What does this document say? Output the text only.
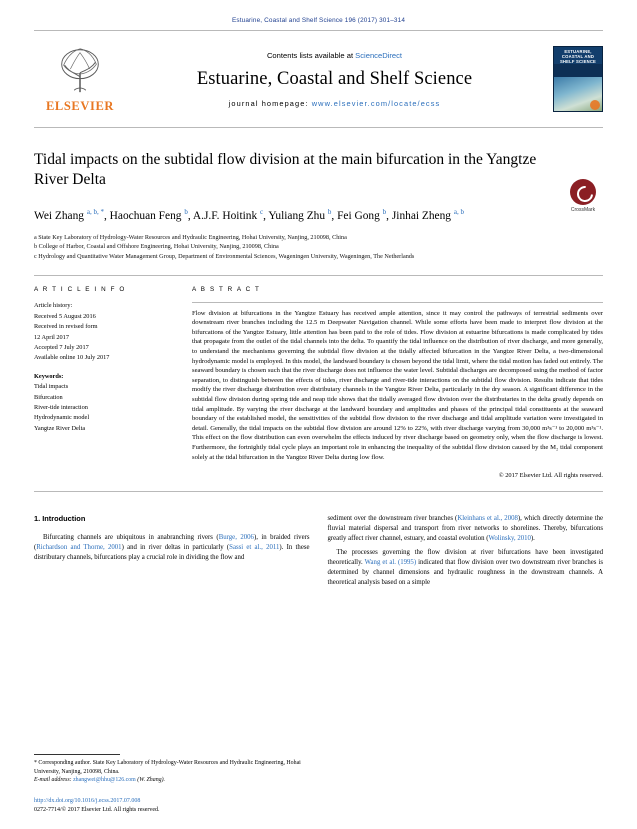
Estuarine, Coastal and Shelf Science 196 (2017) 301–314
ELSEVIER
Contents lists available at ScienceDirect
Estuarine, Coastal and Shelf Science
journal homepage: www.elsevier.com/locate/ecss
ESTUARINE, COASTAL AND SHELF SCIENCE
Tidal impacts on the subtidal flow division at the main bifurcation in the Yangtze River Delta
CrossMark
Wei Zhang $^{a, b, *}$, Haochuan Feng $^b$, A.J.F. Hoitink $^c$, Yuliang Zhu $^b$, Fei Gong $^b$, Jinhai Zheng $^{a, b}$
a State Key Laboratory of Hydrology-Water Resources and Hydraulic Engineering, Hohai University, Nanjing, 210098, China
b College of Harbor, Coastal and Offshore Engineering, Hohai University, Nanjing, 210098, China
c Hydrology and Quantitative Water Management Group, Department of Environmental Sciences, Wageningen University, Wageningen, The Netherlands
A R T I C L E I N F O

Article history:

Received 5 August 2016

Received in revised form

12 April 2017

Accepted 7 July 2017

Available online 10 July 2017

Keywords:

Tidal impacts

Bifurcation

River-tide interaction

Hydrodynamic model

Yangtze River Delta

A B S T R A C T

Flow division at bifurcations in the Yangtze Estuary has received ample attention, since it may control the pathways of terrestrial sediments over downstream river branches including the 12.5 m Deepwater Navigation channel. While some efforts have been made to interpret flow division at the bifurcations of the Yangtze Estuary, little attention has been paid to the role of tides. Flow division at estuarine bifurcations is made complicated by tides that propagate from the outlet of the tidal channels into the delta. To quantify the tidal influence on the distribution of river discharge, and more generally, to understand the mechanisms governing the subtidal flow division at the tidally affected bifurcation in the Yangtze River Delta, a two-dimensional hydrodynamic model is employed. In this model, the landward boundary is chosen beyond the tidal limit, where the tidal motion has faded out entirely. The seaward boundary is chosen such that the river discharge does not influence the water level. Subtidal discharges are decomposed using the method of factor separation, to distinguish between the effects of tides, river discharge and river-tide interactions on the subtidal flow division. Results indicate that tides modify the river discharge distribution over distributary channels in the Yangtze River Delta, particularly in the dry season. A significant difference in the subtidal flow division during spring tide and neap tide shows that the tidally averaged flow division over the distributaries in the delta greatly depends on tidal amplitude. By varying the river discharge at the landward boundary and amplitudes and phases of the principal tidal constituents at the seaward boundary of the established model, the sensitivities of the subtidal flow division to the river discharge and tidal amplitude variation were investigated in detail. Generally, the tidal impacts on the subtidal flow division are around 12% to 22%, with river discharge varying from 30,000 m³s⁻¹ to 20,000 m³s⁻¹. This effect on the flow distribution can even overwhelm the effects induced by river discharge based on geometry only, when the flow discharge is lowest. Furthermore, the fortnightly tidal cycle plays an important role in enhancing the inequality of the subtidal flow division caused by the M₂ tidal component solely at the tidal bifurcation in the Yangtze River Delta during low flow.

© 2017 Elsevier Ltd. All rights reserved.
1. Introduction

Bifurcating channels are ubiquitous in anabranching rivers (Burge, 2006), in braided rivers (Richardson and Thorne, 2001) and in river deltas in particularly (Sassi et al., 2011). In these distributary channels, bifurcations play a crucial role in dividing the flow and

sediment over the downstream river branches (Kleinhans et al., 2008), which directly determine the fluvial material dispersal and transport from river networks to shorelines. Thereby, bifurcations greatly affect river channel, estuary, and coastal evolution (Wolinsky, 2010).

The processes governing the flow division at river bifurcations have been investigated theoretically. Wang et al. (1995) indicated that flow division over two downstream river branches is determined by channel dimensions and hydraulic roughness in the downstream channels. A theoretical analysis based on a simple

* Corresponding author. State Key Laboratory of Hydrology-Water Resources and Hydraulic Engineering, Hohai University, Nanjing, 210098, China.
E-mail address: zhangwei@hhu@126.com (W. Zhang).
http://dx.doi.org/10.1016/j.ecss.2017.07.008
0272-7714/© 2017 Elsevier Ltd. All rights reserved.
